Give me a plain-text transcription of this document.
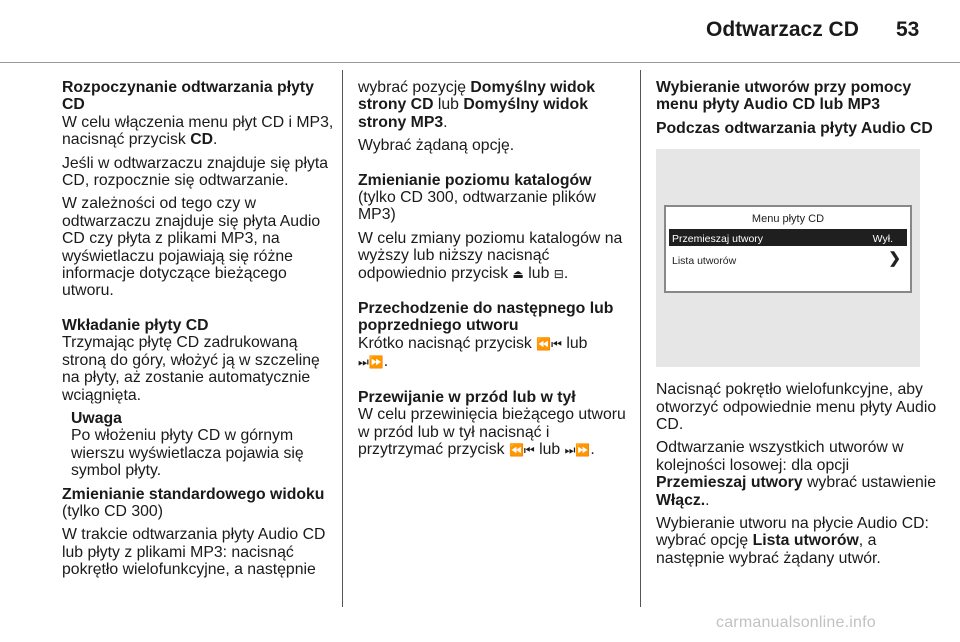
Odtwarzacz CD 53

Rozpoczynanie odtwarzania płyty CD

W celu włączenia menu płyt CD i MP3, nacisnąć przycisk CD.

Jeśli w odtwarzaczu znajduje się płyta CD, rozpocznie się odtwarzanie.

W zależności od tego czy w odtwarzaczu znajduje się płyta Audio CD czy płyta z plikami MP3, na wyświetlaczu pojawiają się różne informacje dotyczące bieżącego utworu.

Wkładanie płyty CD

Trzymając płytę CD zadrukowaną stroną do góry, włożyć ją w szczelinę na płyty, aż zostanie automatycznie wciągnięta.

Uwaga

Po włożeniu płyty CD w górnym wierszu wyświetlacza pojawia się symbol płyty.

Zmienianie standardowego widoku

(tylko CD 300)

W trakcie odtwarzania płyty Audio CD lub płyty z plikami MP3: nacisnąć pokrętło wielofunkcyjne, a następnie

wybrać pozycję Domyślny widok strony CD lub Domyślny widok strony MP3.

Wybrać żądaną opcję.

Zmienianie poziomu katalogów

(tylko CD 300, odtwarzanie plików MP3)

W celu zmiany poziomu katalogów na wyższy lub niższy nacisnąć odpowiednio przycisk ⏏ lub ⊟.

Przechodzenie do następnego lub poprzedniego utworu

Krótko nacisnąć przycisk ⏪⏮ lub
⏭⏩.

Przewijanie w przód lub w tył

W celu przewinięcia bieżącego utworu w przód lub w tył nacisnąć i przytrzymać przycisk ⏪⏮ lub ⏭⏩.

Wybieranie utworów przy pomocy menu płyty Audio CD lub MP3

Podczas odtwarzania płyty Audio CD

Menu płyty CD
Przemieszaj utwory	Wył.
Lista utworów	❯

Nacisnąć pokrętło wielofunkcyjne, aby otworzyć odpowiednie menu płyty Audio CD.

Odtwarzanie wszystkich utworów w kolejności losowej: dla opcji

Przemieszaj utwory wybrać ustawienie Włącz..

Wybieranie utworu na płycie Audio CD: wybrać opcję Lista utworów, a następnie wybrać żądany utwór.

carmanualsonline.info
